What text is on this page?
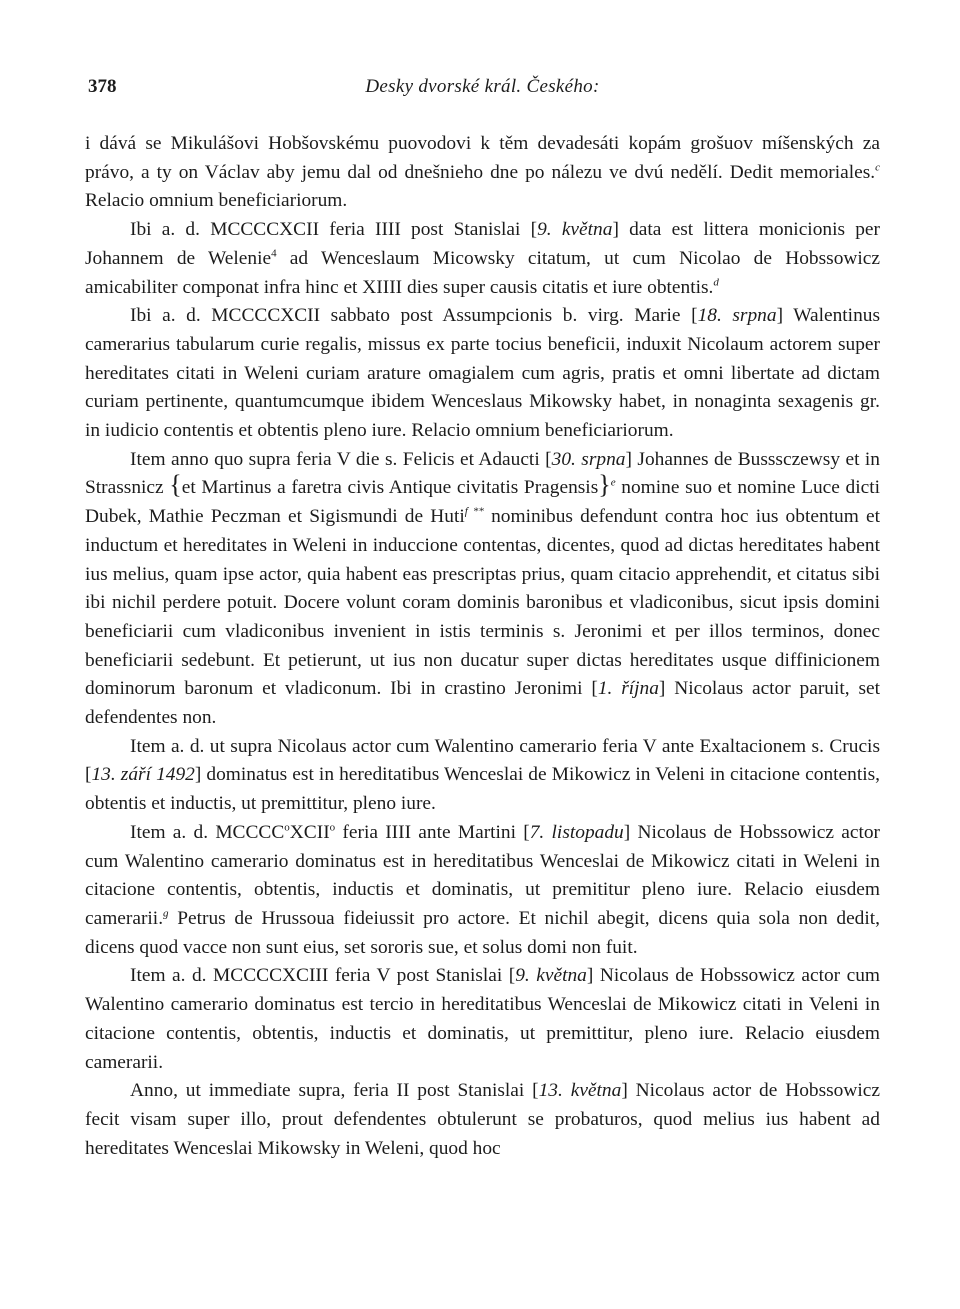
378	Desky dvorské král. Českého:

i dává se Mikulášovi Hobšovskému puovodovi k těm devadesáti kopám grošuov míšenských za právo, a ty on Václav aby jemu dal od dnešnieho dne po nálezu ve dvú nedělí. Dedit memoriales.$^c$ Relacio omnium beneficiariorum.

Ibi a. d. MCCCCXCII feria IIII post Stanislai [9. května] data est littera monicionis per Johannem de Welenie$^4$ ad Wenceslaum Micowsky citatum, ut cum Nicolao de Hobssowicz amicabiliter componat infra hinc et XIIII dies super causis citatis et iure obtentis.$^d$

Ibi a. d. MCCCCXCII sabbato post Assumpcionis b. virg. Marie [18. srpna] Walentinus camerarius tabularum curie regalis, missus ex parte tocius beneficii, induxit Nicolaum actorem super hereditates citati in Weleni curiam arature omagialem cum agris, pratis et omni libertate ad dictam curiam pertinente, quantumcumque ibidem Wenceslaus Mikowsky habet, in nonaginta sexagenis gr. in iudicio contentis et obtentis pleno iure. Relacio omnium beneficiariorum.

Item anno quo supra feria V die s. Felicis et Adaucti [30. srpna] Johannes de Busssczewsy et in Strassnicz {et Martinus a faretra civis Antique civitatis Pragensis}$^e$ nomine suo et nomine Luce dicti Dubek, Mathie Peczman et Sigismundi de Huti$^{f **}$ nominibus defendunt contra hoc ius obtentum et inductum et hereditates in Weleni in induccione contentas, dicentes, quod ad dictas hereditates habent ius melius, quam ipse actor, quia habent eas prescriptas prius, quam citacio apprehendit, et citatus sibi ibi nichil perdere potuit. Docere volunt coram dominis baronibus et vladiconibus, sicut ipsis domini beneficiarii cum vladiconibus invenient in istis terminis s. Jeronimi et per illos terminos, donec beneficiarii sedebunt. Et petierunt, ut ius non ducatur super dictas hereditates usque diffinicionem dominorum baronum et vladiconum. Ibi in crastino Jeronimi [1. října] Nicolaus actor paruit, set defendentes non.

Item a. d. ut supra Nicolaus actor cum Walentino camerario feria V ante Exaltacionem s. Crucis [13. září 1492] dominatus est in hereditatibus Wenceslai de Mikowicz in Veleni in citacione contentis, obtentis et inductis, ut premittitur, pleno iure.

Item a. d. MCCCC$^o$XCII$^o$ feria IIII ante Martini [7. listopadu] Nicolaus de Hobssowicz actor cum Walentino camerario dominatus est in hereditatibus Wenceslai de Mikowicz citati in Weleni in citacione contentis, obtentis, inductis et dominatis, ut premititur pleno iure. Relacio eiusdem camerarii.$^g$ Petrus de Hrussoua fideiussit pro actore. Et nichil abegit, dicens quia sola non dedit, dicens quod vacce non sunt eius, set sororis sue, et solus domi non fuit.

Item a. d. MCCCCXCIII feria V post Stanislai [9. května] Nicolaus de Hobssowicz actor cum Walentino camerario dominatus est tercio in hereditatibus Wenceslai de Mikowicz citati in Veleni in citacione contentis, obtentis, inductis et dominatis, ut premittitur, pleno iure. Relacio eiusdem camerarii.

Anno, ut immediate supra, feria II post Stanislai [13. května] Nicolaus actor de Hobssowicz fecit visam super illo, prout defendentes obtulerunt se probaturos, quod melius ius habent ad hereditates Wenceslai Mikowsky in Weleni, quod hoc
